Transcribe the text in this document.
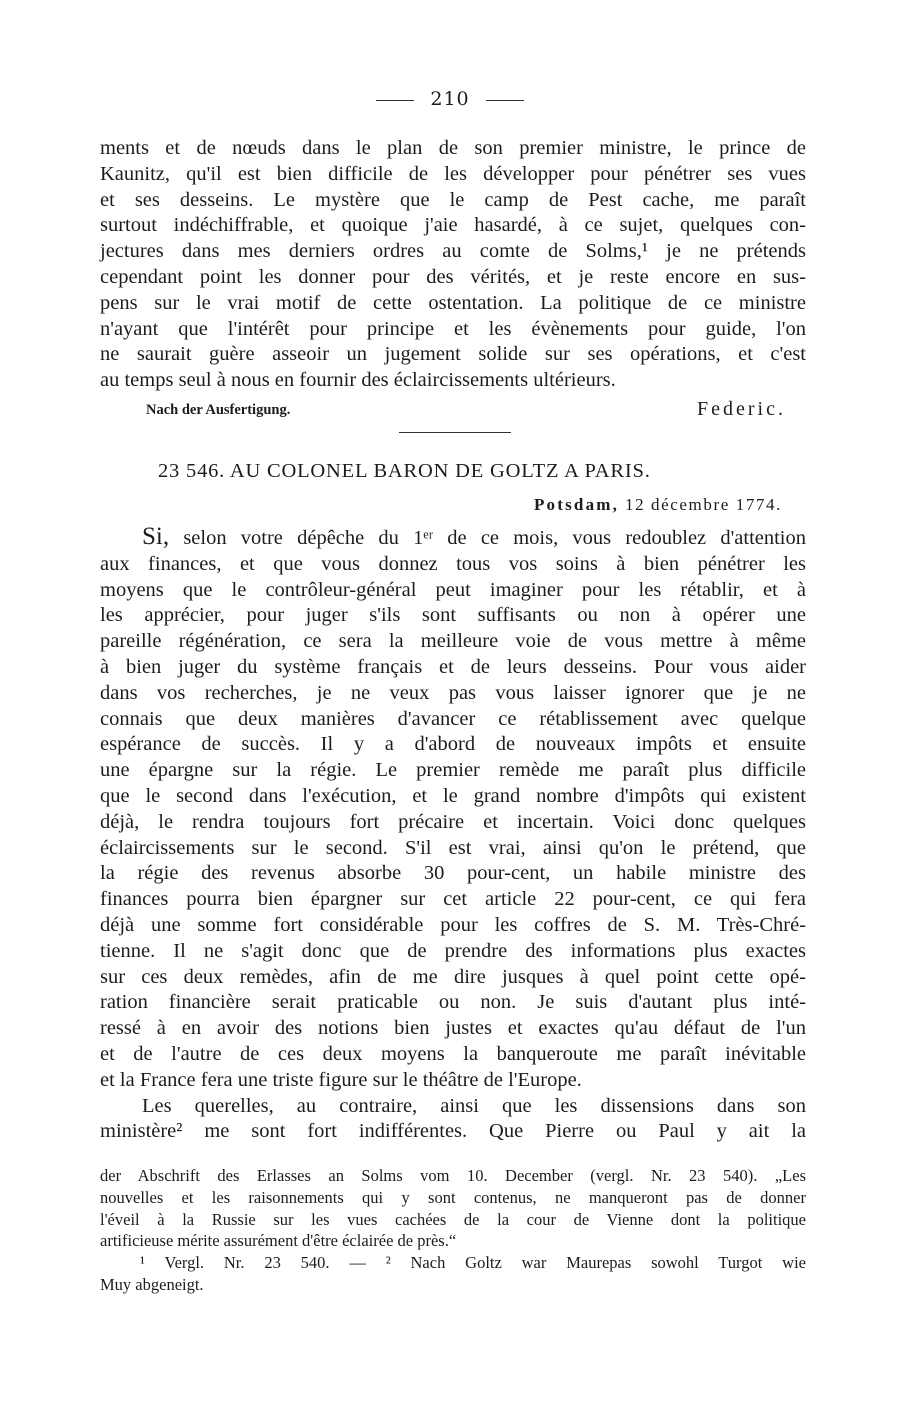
210
ments et de nœuds dans le plan de son premier ministre, le prince de
Kaunitz, qu'il est bien difficile de les développer pour pénétrer ses vues
et ses desseins. Le mystère que le camp de Pest cache, me paraît
surtout indéchiffrable, et quoique j'aie hasardé, à ce sujet, quelques con-
jectures dans mes derniers ordres au comte de Solms,¹ je ne prétends
cependant point les donner pour des vérités, et je reste encore en sus-
pens sur le vrai motif de cette ostentation. La politique de ce ministre
n'ayant que l'intérêt pour principe et les évènements pour guide, l'on
ne saurait guère asseoir un jugement solide sur ses opérations, et c'est
au temps seul à nous en fournir des éclaircissements ultérieurs.
Nach der Ausfertigung.	Federic.
23 546. AU COLONEL BARON DE GOLTZ A PARIS.
Potsdam, 12 décembre 1774.
Si, selon votre dépêche du 1ᵉʳ de ce mois, vous redoublez d'attention
aux finances, et que vous donnez tous vos soins à bien pénétrer les
moyens que le contrôleur-général peut imaginer pour les rétablir, et à
les apprécier, pour juger s'ils sont suffisants ou non à opérer une
pareille régénération, ce sera la meilleure voie de vous mettre à même
à bien juger du système français et de leurs desseins. Pour vous aider
dans vos recherches, je ne veux pas vous laisser ignorer que je ne
connais que deux manières d'avancer ce rétablissement avec quelque
espérance de succès. Il y a d'abord de nouveaux impôts et ensuite
une épargne sur la régie. Le premier remède me paraît plus difficile
que le second dans l'exécution, et le grand nombre d'impôts qui existent
déjà, le rendra toujours fort précaire et incertain. Voici donc quelques
éclaircissements sur le second. S'il est vrai, ainsi qu'on le prétend, que
la régie des revenus absorbe 30 pour-cent, un habile ministre des
finances pourra bien épargner sur cet article 22 pour-cent, ce qui fera
déjà une somme fort considérable pour les coffres de S. M. Très-Chré-
tienne. Il ne s'agit donc que de prendre des informations plus exactes
sur ces deux remèdes, afin de me dire jusques à quel point cette opé-
ration financière serait praticable ou non. Je suis d'autant plus inté-
ressé à en avoir des notions bien justes et exactes qu'au défaut de l'un
et de l'autre de ces deux moyens la banqueroute me paraît inévitable
et la France fera une triste figure sur le théâtre de l'Europe.
Les querelles, au contraire, ainsi que les dissensions dans son
ministère² me sont fort indifférentes. Que Pierre ou Paul y ait la
der Abschrift des Erlasses an Solms vom 10. December (vergl. Nr. 23 540). „Les
nouvelles et les raisonnements qui y sont contenus, ne manqueront pas de donner
l'éveil à la Russie sur les vues cachées de la cour de Vienne dont la politique
artificieuse mérite assurément d'être éclairée de près.“
¹ Vergl. Nr. 23 540. — ² Nach Goltz war Maurepas sowohl Turgot wie
Muy abgeneigt.
